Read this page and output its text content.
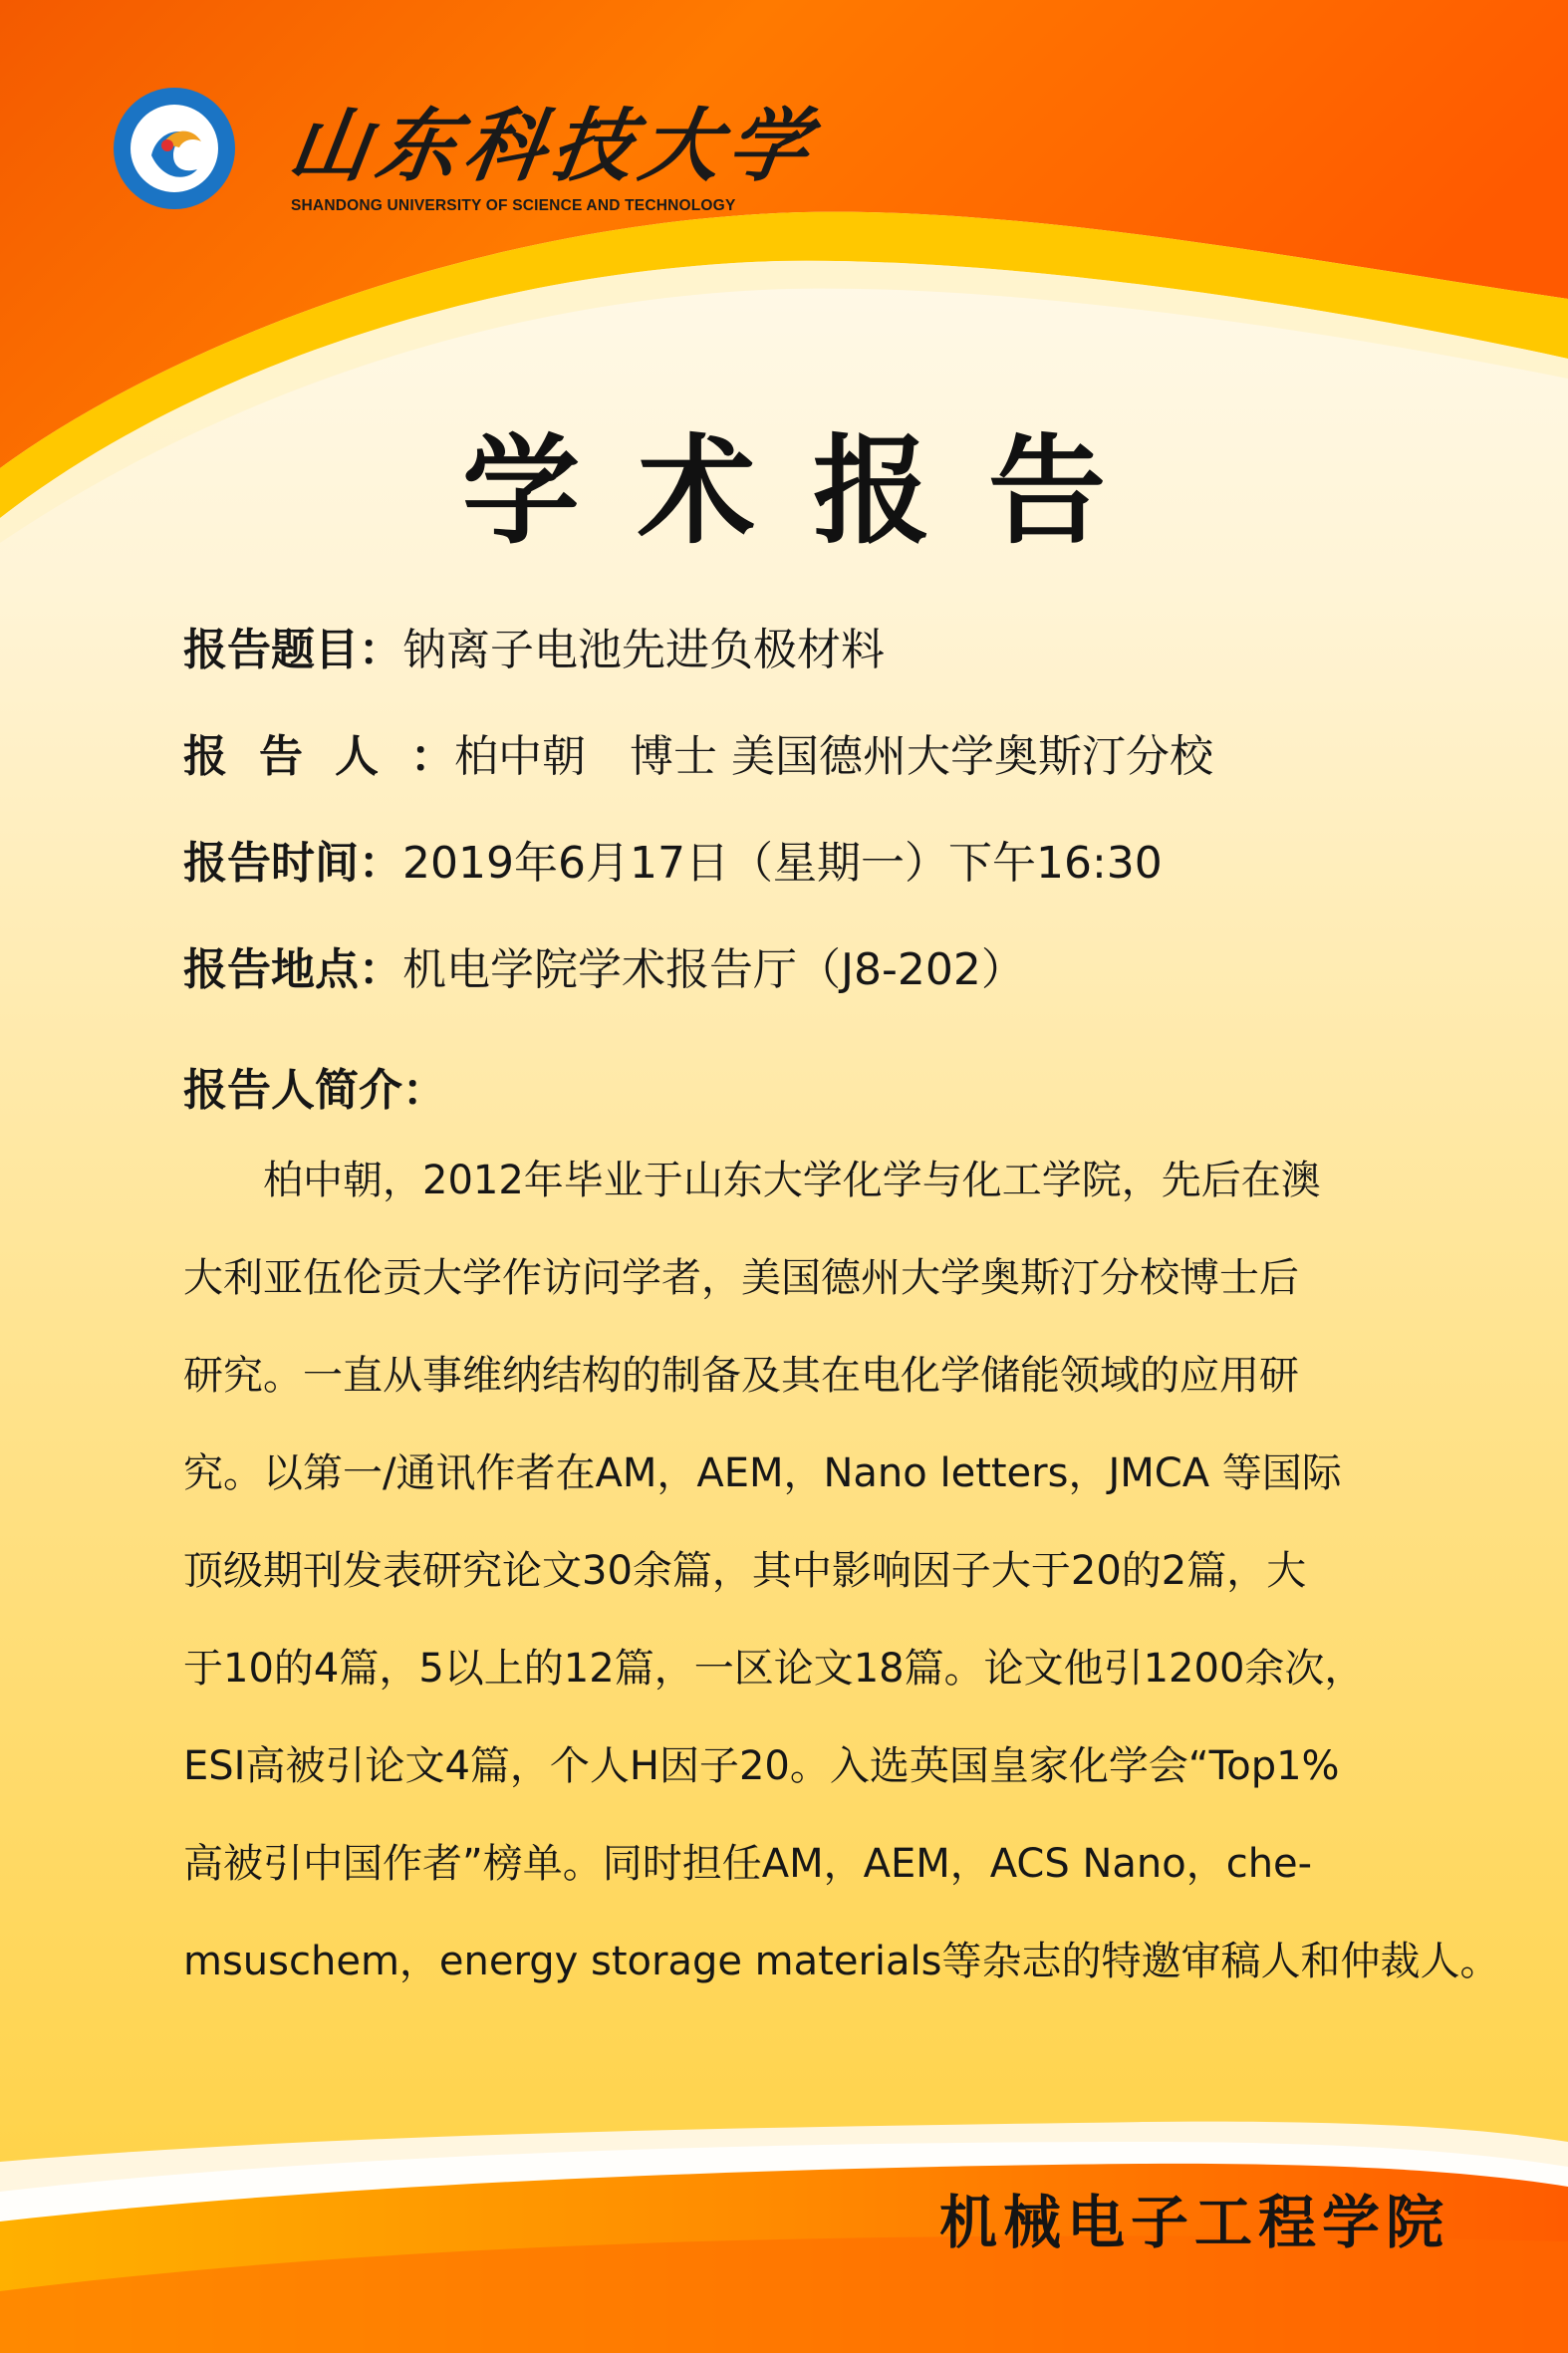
山东科技大学
SHANDONG UNIVERSITY OF SCIENCE AND TECHNOLOGY
学术报告
报告题目：钠离子电池先进负极材料
报告人：柏中朝　博士 美国德州大学奥斯汀分校
报告时间：2019年6月17日（星期一）下午16:30
报告地点：机电学院学术报告厅（J8-202）
报告人简介：
柏中朝，2012年毕业于山东大学化学与化工学院，先后在澳
大利亚伍伦贡大学作访问学者，美国德州大学奥斯汀分校博士后
研究。一直从事维纳结构的制备及其在电化学储能领域的应用研
究。以第一/通讯作者在AM，AEM，Nano letters，JMCA 等国际
顶级期刊发表研究论文30余篇，其中影响因子大于20的2篇，大
于10的4篇，5以上的12篇，一区论文18篇。论文他引1200余次，
ESI高被引论文4篇，个人H因子20。入选英国皇家化学会“Top1%
高被引中国作者”榜单。同时担任AM，AEM，ACS Nano，che-
msuschem，energy storage materials等杂志的特邀审稿人和仲裁人。
机械电子工程学院
